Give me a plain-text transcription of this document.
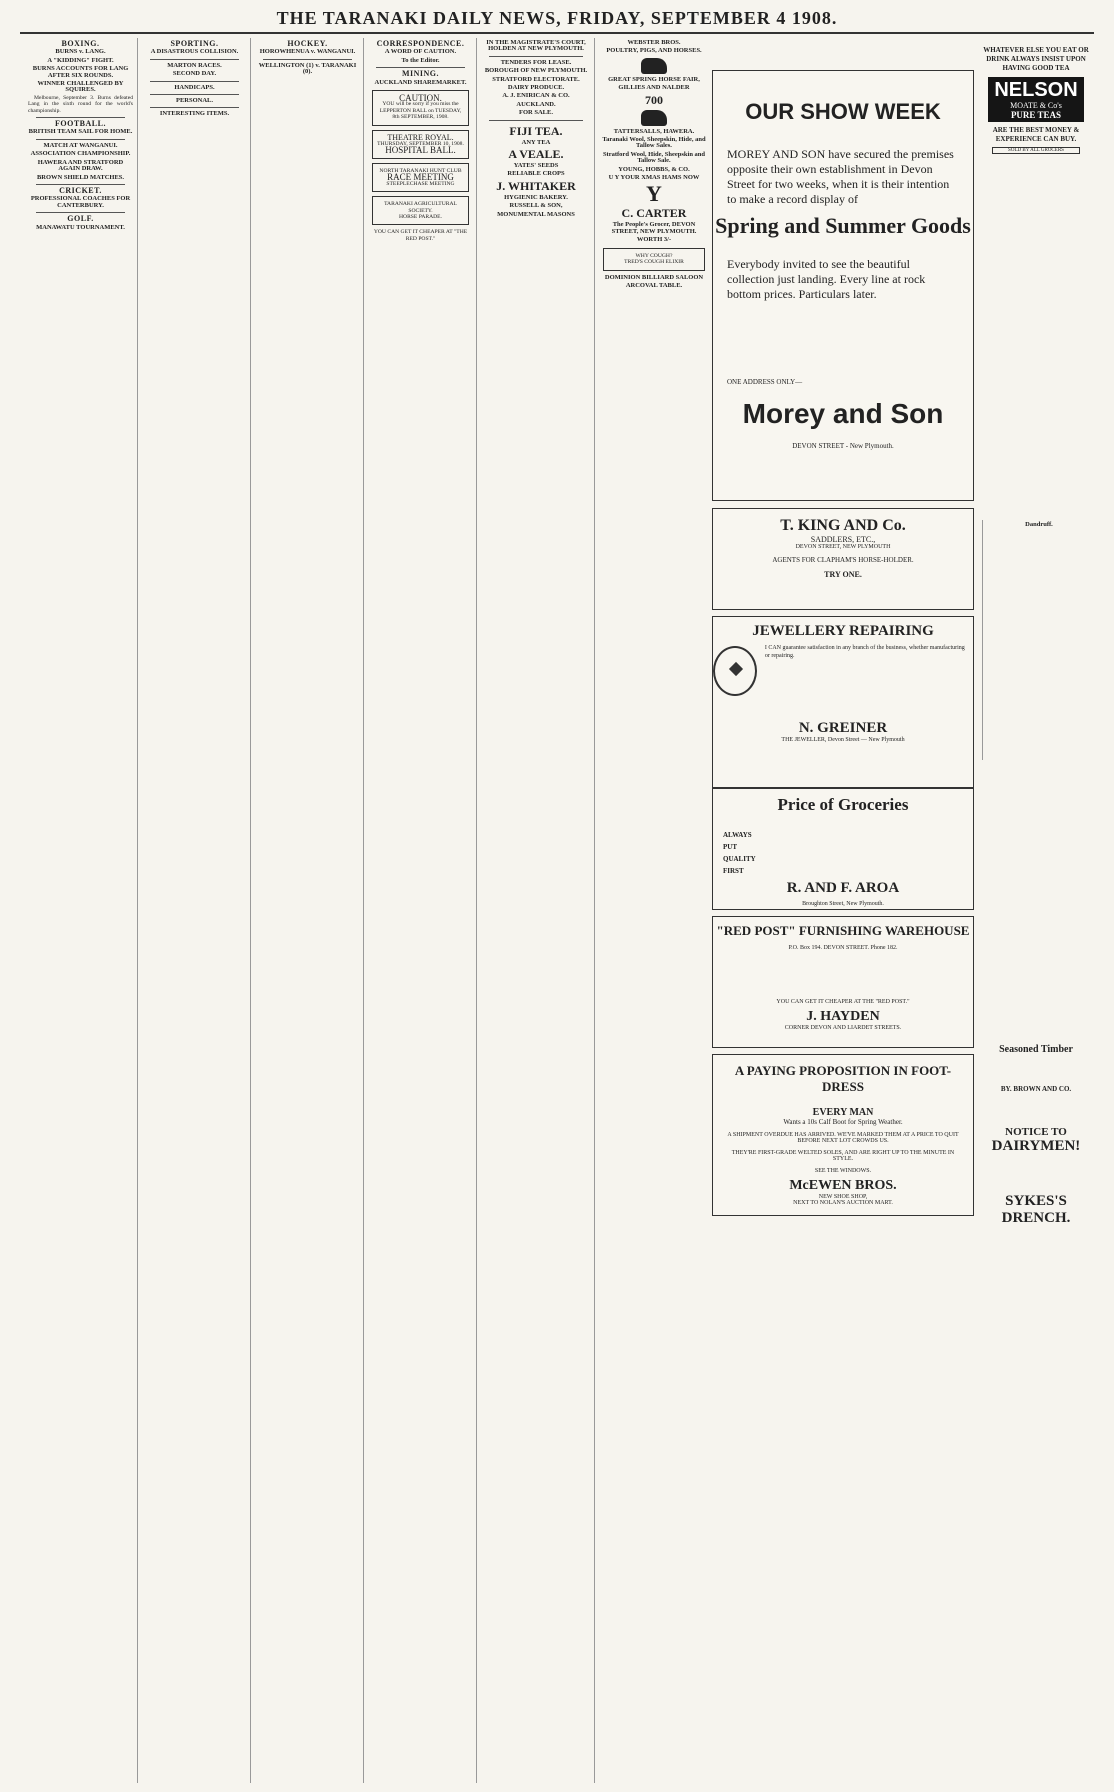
THE TARANAKI DAILY NEWS, FRIDAY, SEPTEMBER 4 1908.
BOXING.
BURNS v. LANG.
A "KIDDING" FIGHT.
BURNS ACCOUNTS FOR LANG AFTER SIX ROUNDS.
WINNER CHALLENGED BY SQUIRES.

Melbourne, September 3. Burns defeated Lang in the sixth round for the world's championship.

FOOTBALL.
BRITISH TEAM SAIL FOR HOME.
MATCH AT WANGANUI.
ASSOCIATION CHAMPIONSHIP.
HAWERA AND STRATFORD AGAIN DRAW.
BROWN SHIELD MATCHES.
CRICKET.
PROFESSIONAL COACHES FOR CANTERBURY.
GOLF.
MANAWATU TOURNAMENT.
SPORTING.
A DISASTROUS COLLISION.
MARTON RACES.
SECOND DAY.
HANDICAPS.
PERSONAL.
INTERESTING ITEMS.
HOCKEY.
HOROWHENUA v. WANGANUI.
WELLINGTON (1) v. TARANAKI (0).
CORRESPONDENCE.
A WORD OF CAUTION.
To the Editor.
MINING.
AUCKLAND SHAREMARKET.
CAUTION.
YOU will be sorry if you miss the LEPPERTON BALL on TUESDAY, 8th SEPTEMBER, 1908.
THEATRE ROYAL.
THURSDAY, SEPTEMBER 10, 1908.
HOSPITAL BALL.
NORTH TARANAKI HUNT CLUB
RACE MEETING
STEEPLECHASE MEETING
TARANAKI AGRICULTURAL SOCIETY.
HORSE PARADE.
YOU CAN GET IT CHEAPER AT "THE RED POST."
IN THE MAGISTRATE'S COURT, HOLDEN AT NEW PLYMOUTH.
TENDERS FOR LEASE.
BOROUGH OF NEW PLYMOUTH.
STRATFORD ELECTORATE.
DAIRY PRODUCE.
A. J. ENIRICAN & CO.
AUCKLAND.
FOR SALE.
FIJI TEA.
ANY TEA
A VEALE.
YATES' SEEDS
RELIABLE CROPS
J. WHITAKER
HYGIENIC BAKERY.
RUSSELL & SON,
MONUMENTAL MASONS
WEBSTER BROS.
POULTRY, PIGS, AND HORSES.
GREAT SPRING HORSE FAIR,
GILLIES AND NALDER
700
TATTERSALLS, HAWERA.
Taranaki Wool, Sheepskin, Hide, and Tallow Sales.
Stratford Wool, Hide, Sheepskin and Tallow Sale.
YOUNG, HOBBS, & CO.
U Y YOUR XMAS HAMS NOW
Y
C. CARTER
The People's Grocer, DEVON STREET, NEW PLYMOUTH.
WORTH 3/-
WHY COUGH?
TRED'S COUGH ELIXIR
DOMINION BILLIARD SALOON
ARCOVAL TABLE.
OUR SHOW WEEK
MOREY AND SON have secured the premises opposite their own establishment in Devon Street for two weeks, when it is their intention to make a record display of
Spring and Summer Goods
Everybody invited to see the beautiful collection just landing. Every line at rock bottom prices. Particulars later.
ONE ADDRESS ONLY—
Morey and Son
DEVON STREET - New Plymouth.
T. KING AND Co.
SADDLERS, ETC.,
DEVON STREET, NEW PLYMOUTH
AGENTS FOR CLAPHAM'S HORSE-HOLDER.
TRY ONE.
JEWELLERY REPAIRING
I CAN guarantee satisfaction in any branch of the business, whether manufacturing or repairing.
N. GREINER
THE JEWELLER, Devon Street — New Plymouth
Price of Groceries
ALWAYS
PUT
QUALITY
FIRST
R. AND F. AROA
Broughton Street, New Plymouth.
"RED POST" FURNISHING WAREHOUSE
P.O. Box 194. DEVON STREET. Phone 182.
YOU CAN GET IT CHEAPER AT THE "RED POST."
J. HAYDEN
CORNER DEVON AND LIARDET STREETS.
A PAYING PROPOSITION IN FOOT-DRESS
EVERY MAN
Wants a 10s Calf Boot for Spring Weather.
A SHIPMENT OVERDUE HAS ARRIVED. WE'VE MARKED THEM AT A PRICE TO QUIT BEFORE NEXT LOT CROWDS US.
THEY'RE FIRST-GRADE WELTED SOLES, AND ARE RIGHT UP TO THE MINUTE IN STYLE.
SEE THE WINDOWS.
McEWEN BROS.
NEW SHOE SHOP,
NEXT TO NOLAN'S AUCTION MART.
WHATEVER ELSE YOU EAT OR DRINK ALWAYS INSIST UPON HAVING GOOD TEA
NELSON
MOATE & Co's
PURE TEAS
ARE THE BEST MONEY & EXPERIENCE CAN BUY.
SOLD BY ALL GROCERS
Dandruff.
Seasoned Timber
BY. BROWN AND CO.
NOTICE TO
DAIRYMEN!
SYKES'S
DRENCH.
